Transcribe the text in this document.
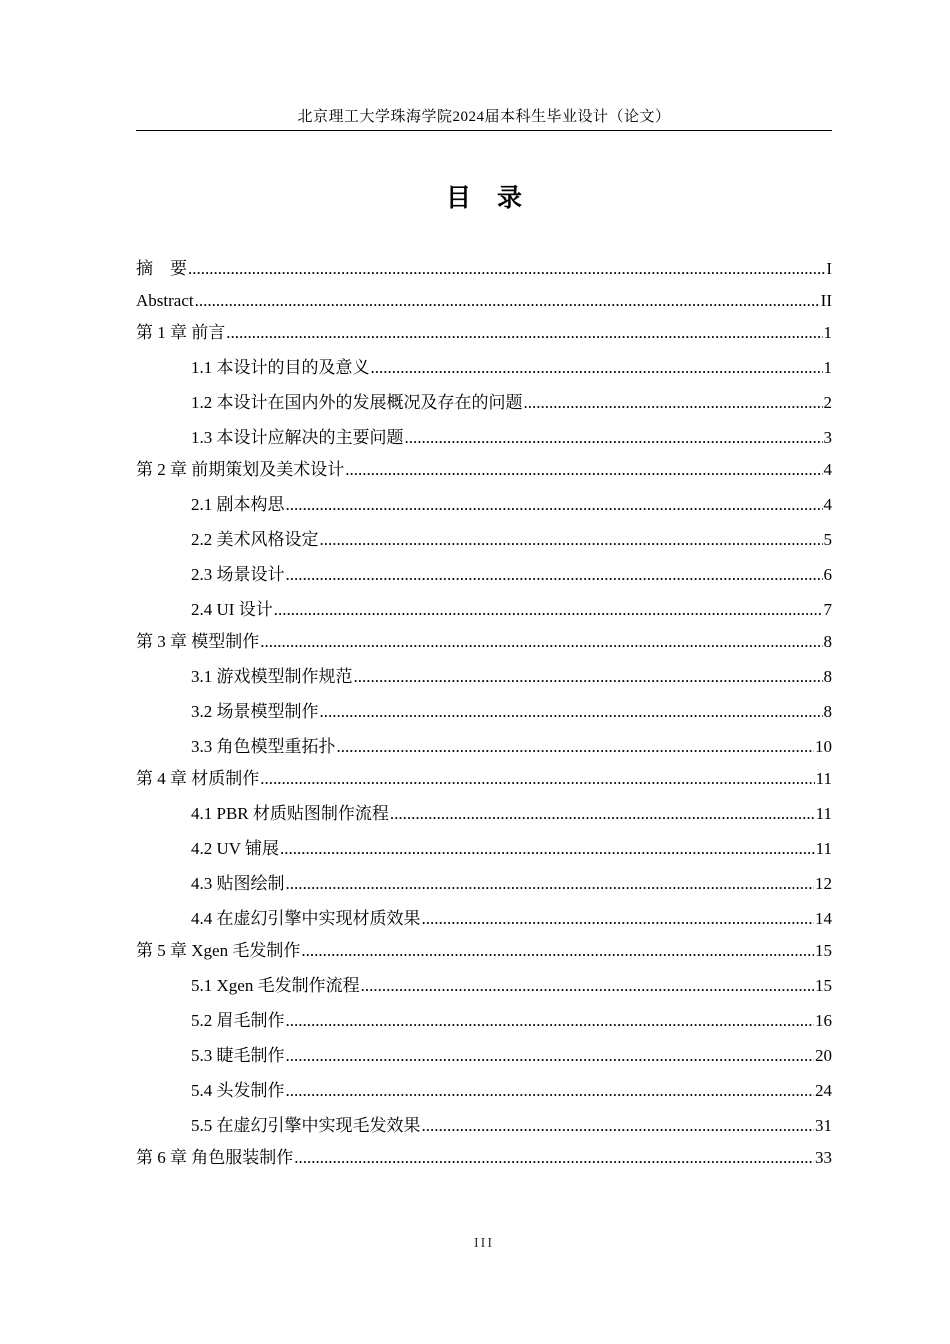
北京理工大学珠海学院2024届本科生毕业设计（论文）
目 录
摘　要 .....	I
Abstract .....	II
第 1 章 前言 .....	1
1.1 本设计的目的及意义 .....	1
1.2 本设计在国内外的发展概况及存在的问题 .....	2
1.3 本设计应解决的主要问题 .....	3
第 2 章 前期策划及美术设计 .....	4
2.1 剧本构思 .....	4
2.2 美术风格设定 .....	5
2.3 场景设计 .....	6
2.4 UI 设计 .....	7
第 3 章 模型制作 .....	8
3.1 游戏模型制作规范 .....	8
3.2 场景模型制作 .....	8
3.3 角色模型重拓扑 .....	10
第 4 章 材质制作 .....	11
4.1 PBR 材质贴图制作流程 .....	11
4.2 UV 铺展 .....	11
4.3 贴图绘制 .....	12
4.4 在虚幻引擎中实现材质效果 .....	14
第 5 章 Xgen 毛发制作 .....	15
5.1 Xgen 毛发制作流程 .....	15
5.2 眉毛制作 .....	16
5.3 睫毛制作 .....	20
5.4 头发制作 .....	24
5.5 在虚幻引擎中实现毛发效果 .....	31
第 6 章 角色服装制作 .....	33
III
